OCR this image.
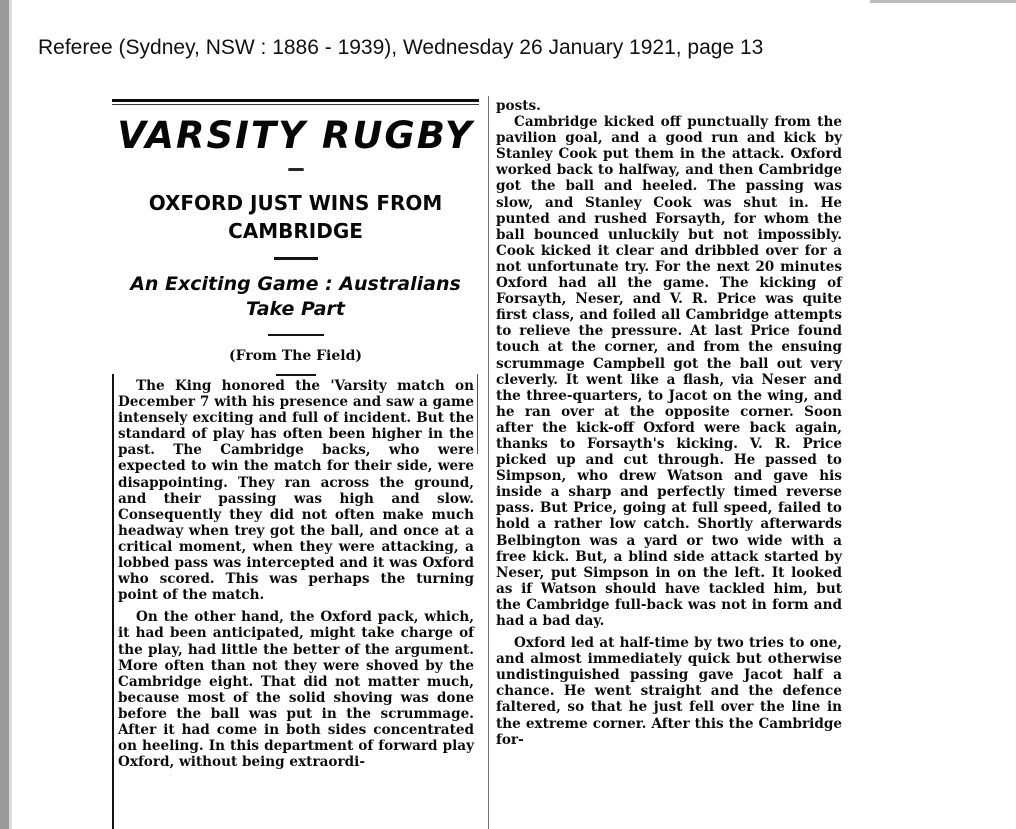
Referee (Sydney, NSW : 1886 - 1939), Wednesday 26 January 1921, page 13
VARSITY RUGBY
OXFORD JUST WINS FROM CAMBRIDGE
An Exciting Game : Australians Take Part
(From The Field)

The King honored the 'Varsity match on December 7 with his presence and saw a game intensely exciting and full of incident. But the standard of play has often been higher in the past. The Cambridge backs, who were expected to win the match for their side, were disappointing. They ran across the ground, and their passing was high and slow. Consequently they did not often make much headway when trey got the ball, and once at a critical moment, when they were attacking, a lobbed pass was intercepted and it was Oxford who scored. This was perhaps the turning point of the match.

On the other hand, the Oxford pack, which, it had been anticipated, might take charge of the play, had little the better of the argument. More often than not they were shoved by the Cambridge eight. That did not matter much, because most of the solid shoving was done before the ball was put in the scrummage. After it had come in both sides concentrated on heeling. In this department of forward play Oxford, without being extraordi-

posts.

Cambridge kicked off punctually from the pavilion goal, and a good run and kick by Stanley Cook put them in the attack. Oxford worked back to halfway, and then Cambridge got the ball and heeled. The passing was slow, and Stanley Cook was shut in. He punted and rushed Forsayth, for whom the ball bounced unluckily but not impossibly. Cook kicked it clear and dribbled over for a not unfortunate try. For the next 20 minutes Oxford had all the game. The kicking of Forsayth, Neser, and V. R. Price was quite first class, and foiled all Cambridge attempts to relieve the pressure. At last Price found touch at the corner, and from the ensuing scrummage Campbell got the ball out very cleverly. It went like a flash, via Neser and the three-quarters, to Jacot on the wing, and he ran over at the opposite corner. Soon after the kick-off Oxford were back again, thanks to Forsayth's kicking. V. R. Price picked up and cut through. He passed to Simpson, who drew Watson and gave his inside a sharp and perfectly timed reverse pass. But Price, going at full speed, failed to hold a rather low catch. Shortly afterwards Belbington was a yard or two wide with a free kick. But, a blind side attack started by Neser, put Simpson in on the left. It looked as if Watson should have tackled him, but the Cambridge full-back was not in form and had a bad day.

Oxford led at half-time by two tries to one, and almost immediately quick but otherwise undistinguished passing gave Jacot half a chance. He went straight and the defence faltered, so that he just fell over the line in the extreme corner. After this the Cambridge for-
